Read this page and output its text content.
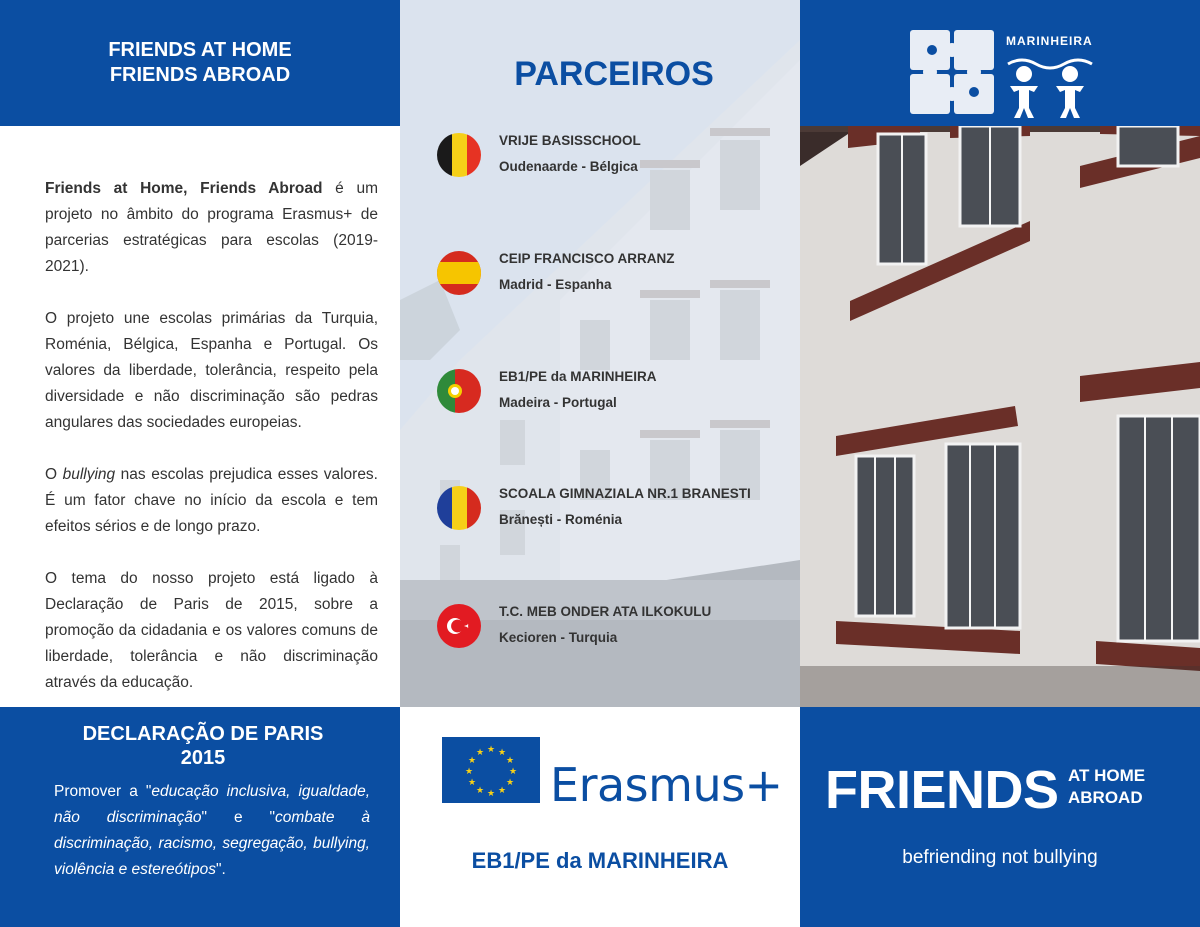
FRIENDS AT HOME
FRIENDS ABROAD

Friends at Home, Friends Abroad é um projeto no âmbito do programa Erasmus+ de parcerias estratégicas para escolas (2019-2021).

O projeto une escolas primárias da Turquia, Roménia, Bélgica, Espanha e Portugal. Os valores da liberdade, tolerância, respeito pela diversidade e não discriminação são pedras angulares das sociedades europeias.

O bullying nas escolas prejudica esses valores. É um fator chave no início da escola e tem efeitos sérios e de longo prazo.

O tema do nosso projeto está ligado à Declaração de Paris de 2015, sobre a promoção da cidadania e os valores comuns de liberdade, tolerância e não discriminação através da educação.

DECLARAÇÃO DE PARIS
2015
Promover a "educação inclusiva, igualdade, não discriminação" e "combate à discriminação, racismo, segregação, bullying, violência e estereótipos".
PARCEIROS
VRIJE BASISSCHOOL
Oudenaarde - Bélgica
CEIP FRANCISCO ARRANZ
Madrid - Espanha
EB1/PE da MARINHEIRA
Madeira - Portugal
SCOALA GIMNAZIALA NR.1 BRANESTI
Brănești - Roménia
T.C. MEB ONDER ATA ILKOKULU
Kecioren - Turquia
★ ★
★
★
★
★
★
★
★
★
★
★
Erasmus+
EB1/PE da MARINHEIRA
MARINHEIRA
FRIENDS AT HOME
ABROAD
befriending not bullying
